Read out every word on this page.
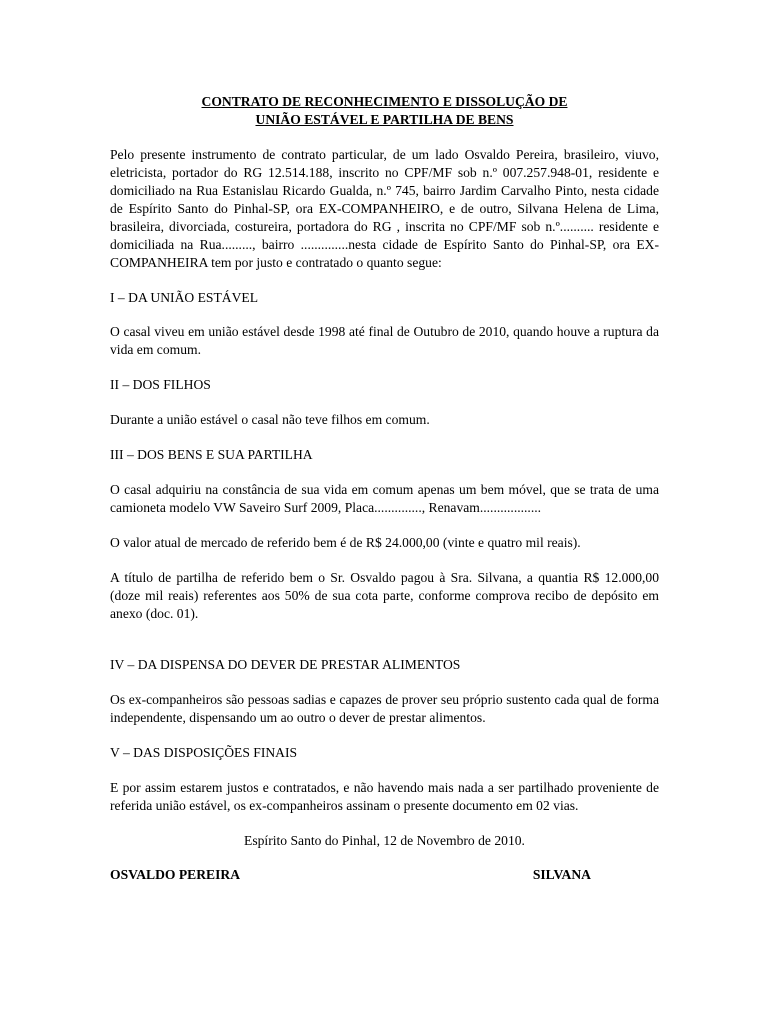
CONTRATO DE RECONHECIMENTO E DISSOLUÇÃO DE
UNIÃO ESTÁVEL E PARTILHA DE BENS

Pelo presente instrumento de contrato particular, de um lado Osvaldo Pereira, brasileiro, viuvo, eletricista, portador do RG 12.514.188, inscrito no CPF/MF sob n.º 007.257.948-01, residente e domiciliado na Rua Estanislau Ricardo Gualda, n.º 745, bairro Jardim Carvalho Pinto, nesta cidade de Espírito Santo do Pinhal-SP, ora EX-COMPANHEIRO, e de outro, Silvana Helena de Lima, brasileira, divorciada, costureira, portadora do RG , inscrita no CPF/MF sob n.º.......... residente e domiciliada na Rua........., bairro ..............nesta cidade de Espírito Santo do Pinhal-SP, ora EX-COMPANHEIRA tem por justo e contratado o quanto segue:

I – DA UNIÃO ESTÁVEL

O casal viveu em união estável desde 1998 até final de Outubro de 2010, quando houve a ruptura da vida em comum.

II – DOS FILHOS

Durante a união estável o casal não teve filhos em comum.

III – DOS BENS E SUA PARTILHA

O casal adquiriu na constância de sua vida em comum apenas um bem móvel, que se trata de uma camioneta modelo VW Saveiro Surf 2009, Placa.............., Renavam..................

O valor atual de mercado de referido bem é de R$ 24.000,00 (vinte e quatro mil reais).

A título de partilha de referido bem o Sr. Osvaldo pagou à Sra. Silvana, a quantia R$ 12.000,00 (doze mil reais) referentes aos 50% de sua cota parte, conforme comprova recibo de depósito em anexo (doc. 01).

IV – DA DISPENSA DO DEVER DE PRESTAR ALIMENTOS

Os ex-companheiros são pessoas sadias e capazes de prover seu próprio sustento cada qual de forma independente, dispensando um ao outro o dever de prestar alimentos.

V – DAS DISPOSIÇÕES FINAIS

E por assim estarem justos e contratados, e não havendo mais nada a ser partilhado proveniente de referida união estável, os ex-companheiros assinam o presente documento em 02 vias.

Espírito Santo do Pinhal, 12 de Novembro de 2010.

OSVALDO PEREIRA	SILVANA
